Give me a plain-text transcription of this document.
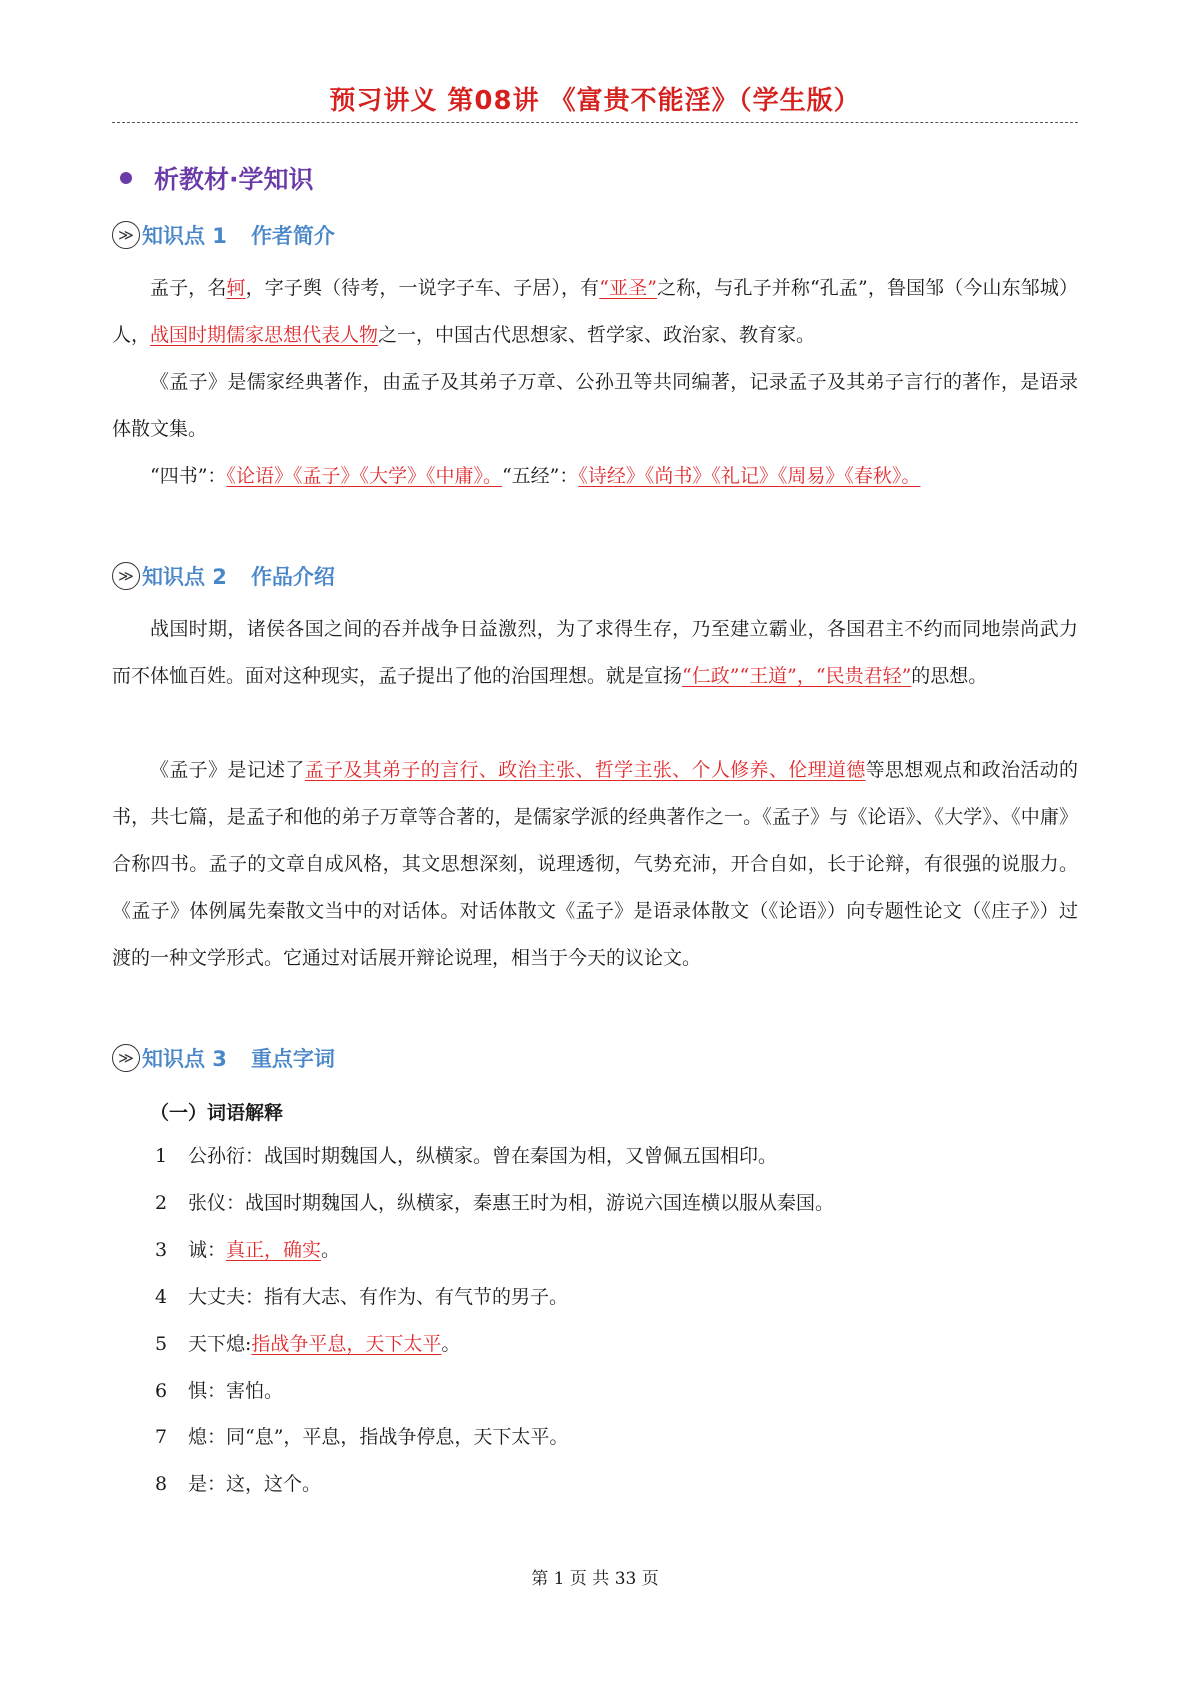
预习讲义 第08讲 《富贵不能淫》（学生版）
析教材·学知识
≫ 知识点 1 作者简介
孟子，名轲，字子舆（待考，一说字子车、子居），有“亚圣”之称，与孔子并称“孔孟”，鲁国邹（今山东邹城）人，战国时期儒家思想代表人物之一，中国古代思想家、哲学家、政治家、教育家。
《孟子》是儒家经典著作，由孟子及其弟子万章、公孙丑等共同编著，记录孟子及其弟子言行的著作，是语录体散文集。
“四书”：《论语》《孟子》《大学》《中庸》。“五经”：《诗经》《尚书》《礼记》《周易》《春秋》。
≫ 知识点 2 作品介绍
战国时期，诸侯各国之间的吞并战争日益激烈，为了求得生存，乃至建立霸业，各国君主不约而同地崇尚武力而不体恤百姓。面对这种现实，孟子提出了他的治国理想。就是宣扬“仁政”“王道”，“民贵君轻”的思想。
《孟子》是记述了孟子及其弟子的言行、政治主张、哲学主张、个人修养、伦理道德等思想观点和政治活动的书，共七篇，是孟子和他的弟子万章等合著的，是儒家学派的经典著作之一。《孟子》与《论语》、《大学》、《中庸》合称四书。孟子的文章自成风格，其文思想深刻，说理透彻，气势充沛，开合自如，长于论辩，有很强的说服力。《孟子》体例属先秦散文当中的对话体。对话体散文《孟子》是语录体散文（《论语》）向专题性论文（《庄子》）过渡的一种文学形式。它通过对话展开辩论说理，相当于今天的议论文。
≫ 知识点 3 重点字词
（一）词语解释
1 公孙衍：战国时期魏国人，纵横家。曾在秦国为相，又曾佩五国相印。
2 张仪：战国时期魏国人，纵横家，秦惠王时为相，游说六国连横以服从秦国。
3 诚：真正，确实。
4 大丈夫：指有大志、有作为、有气节的男子。
5 天下熄:指战争平息，天下太平。
6 惧：害怕。
7 熄：同“息”，平息，指战争停息，天下太平。
8 是：这，这个。
第 1 页 共 33 页
